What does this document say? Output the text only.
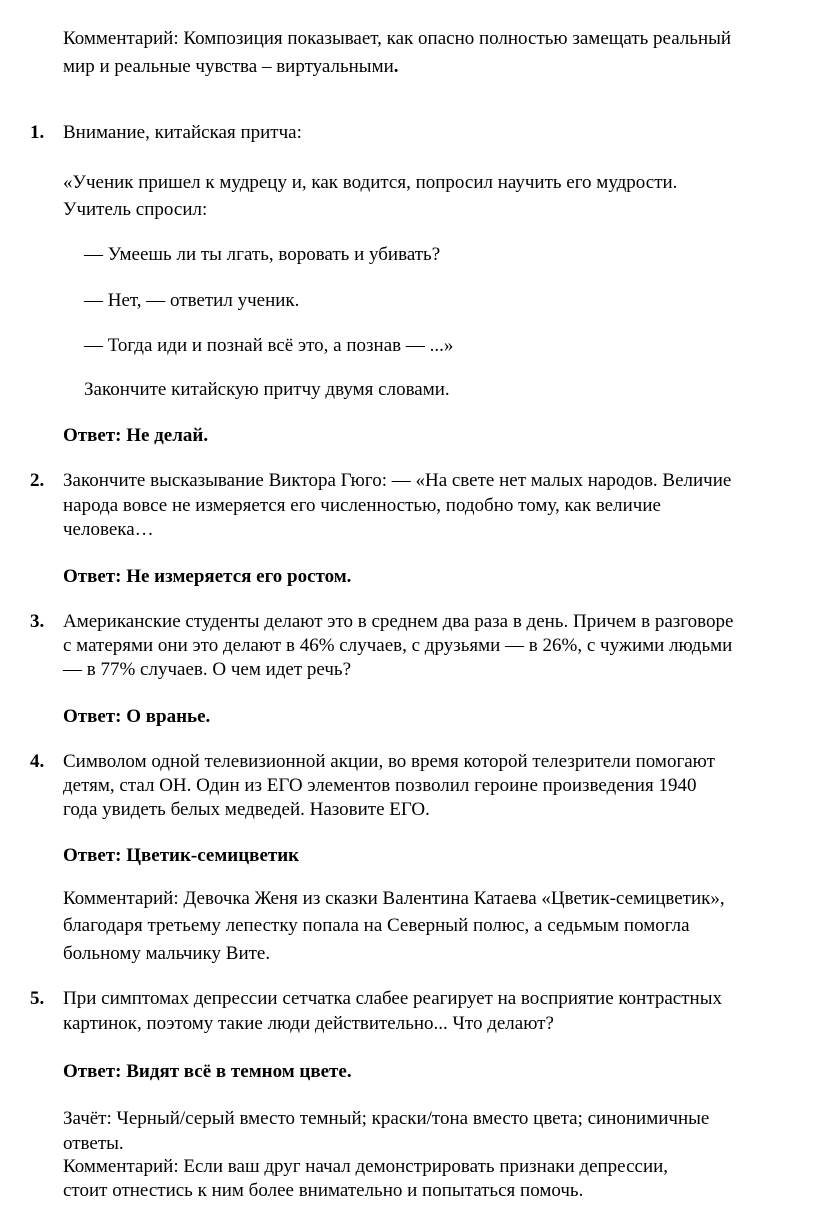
Комментарий: Композиция показывает, как опасно полностью замещать реальный
мир и реальные чувства – виртуальными.
1. Внимание, китайская притча:
«Ученик пришел к мудрецу и, как водится, попросил научить его мудрости.
Учитель спросил:
— Умеешь ли ты лгать, воровать и убивать?
— Нет, — ответил ученик.
— Тогда иди и познай всё это, а познав — ...»
Закончите китайскую притчу двумя словами.
Ответ: Не делай.
2. Закончите высказывание Виктора Гюго: — «На свете нет малых народов. Величие
народа вовсе не измеряется его численностью, подобно тому, как величие
человека…
Ответ: Не измеряется его ростом.
3. Американские студенты делают это в среднем два раза в день. Причем в разговоре
с матерями они это делают в 46% случаев, с друзьями — в 26%, с чужими людьми
— в 77% случаев. О чем идет речь?
Ответ: О вранье.
4. Символом одной телевизионной акции, во время которой телезрители помогают
детям, стал ОН. Один из ЕГО элементов позволил героине произведения 1940
года увидеть белых медведей. Назовите ЕГО.
Ответ: Цветик-семицветик
Комментарий: Девочка Женя из сказки Валентина Катаева «Цветик-семицветик»,
благодаря третьему лепестку попала на Северный полюс, а седьмым помогла
больному мальчику Вите.
5. При симптомах депрессии сетчатка слабее реагирует на восприятие контрастных
картинок, поэтому такие люди действительно... Что делают?
Ответ: Видят всё в темном цвете.
Зачёт: Черный/серый вместо темный; краски/тона вместо цвета; синонимичные
ответы.
Комментарий: Если ваш друг начал демонстрировать признаки депрессии,
стоит отнестись к ним более внимательно и попытаться помочь.
